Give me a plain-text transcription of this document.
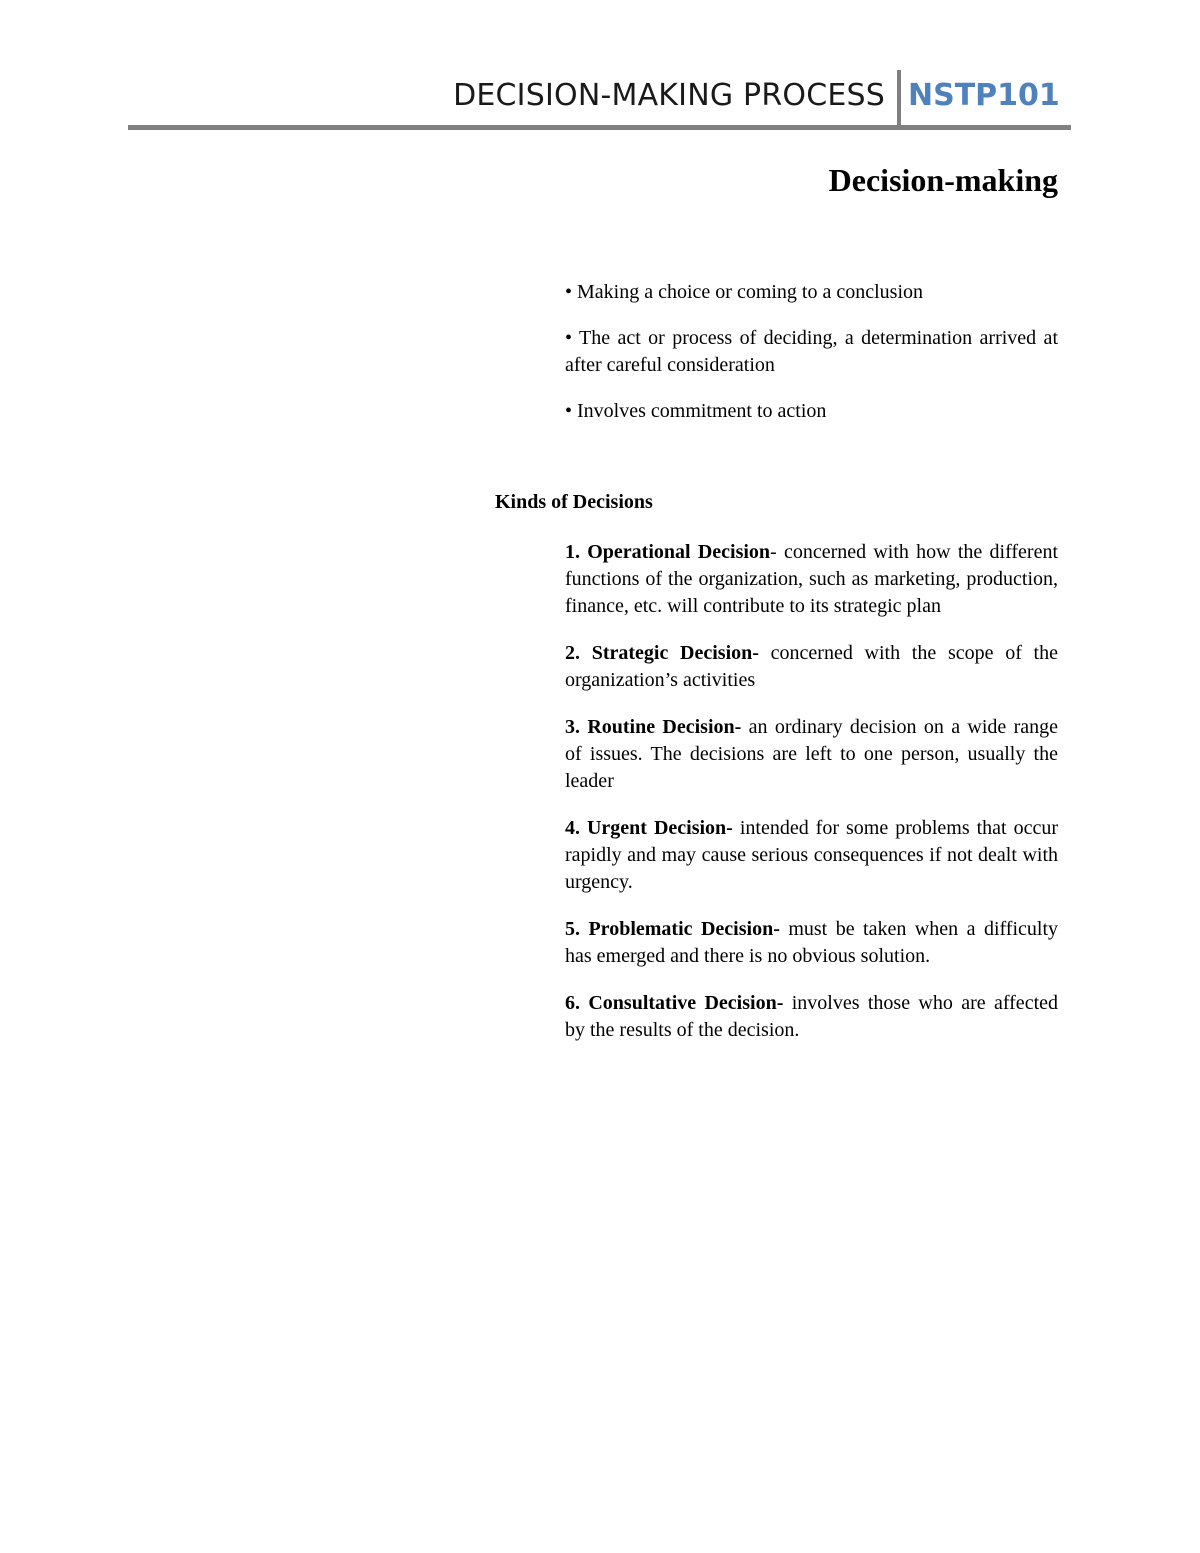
DECISION-MAKING PROCESS NSTP101
Decision-making

• Making a choice or coming to a conclusion

• The act or process of deciding, a determination arrived at after careful consideration

• Involves commitment to action

Kinds of Decisions

1. Operational Decision- concerned with how the different functions of the organization, such as marketing, production, finance, etc. will contribute to its strategic plan

2. Strategic Decision- concerned with the scope of the organization’s activities

3. Routine Decision- an ordinary decision on a wide range of issues. The decisions are left to one person, usually the leader

4. Urgent Decision- intended for some problems that occur rapidly and may cause serious consequences if not dealt with urgency.

5. Problematic Decision- must be taken when a difficulty has emerged and there is no obvious solution.

6. Consultative Decision- involves those who are affected by the results of the decision.
